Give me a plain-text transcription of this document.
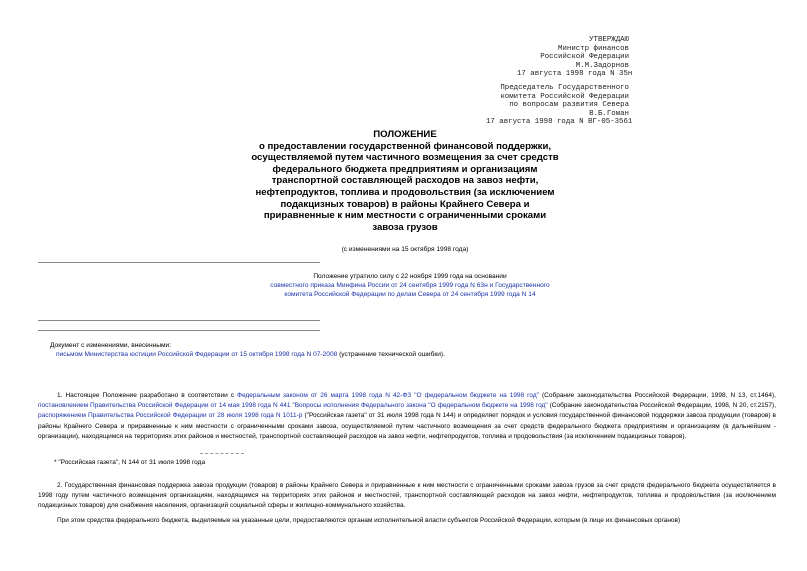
УТВЕРЖДАЮ
Министр финансов
Российской Федерации
М.М.Задорнов
17 августа 1998 года N 35н
Председатель Государственного
комитета Российской Федерации
по вопросам развития Севера
В.Б.Гоман
17 августа 1998 года N ВГ-05-3561
ПОЛОЖЕНИЕ
о предоставлении государственной финансовой поддержки, осуществляемой путем частичного возмещения за счет средств федерального бюджета предприятиям и организациям транспортной составляющей расходов на завоз нефти, нефтепродуктов, топлива и продовольствия (за исключением подакцизных товаров) в районы Крайнего Севера и приравненные к ним местности с ограниченными сроками завоза грузов
(с изменениями на 15 октября 1998 года)
Положение утратило силу с 22 ноября 1999 года на основании
совместного приказа Минфина России от 24 сентября 1999 года N 63н и Государственного комитета Российской Федерации по делам Севера от 24 сентября 1999 года N 14
Документ с изменениями, внесенными:
письмом Министерства юстиции Российской Федерации от 15 октября 1998 года N 07-2008 (устранение технической ошибки).
1. Настоящее Положение разработано в соответствии с Федеральным законом от 26 марта 1998 года N 42-ФЗ "О федеральном бюджете на 1998 год" (Собрание законодательства Российской Федерации, 1998, N 13, ст.1464), постановлением Правительства Российской Федерации от 14 мая 1998 года N 441 "Вопросы исполнения Федерального закона "О федеральном бюджете на 1998 год" (Собрание законодательства Российской Федерации, 1998, N 20, ст.2157), распоряжением Правительства Российской Федерации от 28 июля 1998 года N 1011-р ("Российская газета" от 31 июля 1998 года N 144) и определяет порядок и условия государственной финансовой поддержки завоза продукции (товаров) в районы Крайнего Севера и приравненные к ним местности с ограниченными сроками завоза, осуществляемой путем частичного возмещения за счет средств федерального бюджета предприятиям и организациям (в дальнейшем - организации), находящимся на территориях этих районов и местностей, транспортной составляющей расходов на завоз нефти, нефтепродуктов, топлива и продовольствия (за исключением подакцизных товаров).
* "Российская газета", N 144 от 31 июля 1998 года
2. Государственная финансовая поддержка завоза продукции (товаров) в районы Крайнего Севера и приравненные к ним местности с ограниченными сроками завоза грузов за счет средств федерального бюджета осуществляется в 1998 году путем частичного возмещения организациям, находящимся на территориях этих районов и местностей, транспортной составляющей расходов на завоз нефти, нефтепродуктов, топлива и продовольствия (за исключением подакцизных товаров) для снабжения населения, организаций социальной сферы и жилищно-коммунального хозяйства.
При этом средства федерального бюджета, выделяемые на указанные цели, предоставляются органам исполнительной власти субъектов Российской Федерации, которым (в лице их финансовых органов)
